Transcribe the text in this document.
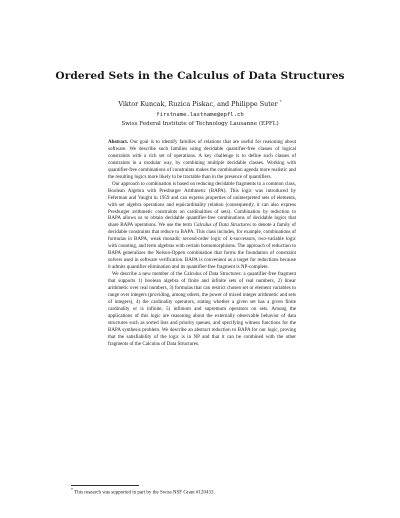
Ordered Sets in the Calculus of Data Structures
Viktor Kuncak, Ruzica Piskac, and Philippe Suter *
firstname.lastname@epfl.ch
Swiss Federal Institute of Technology Lausanne (EPFL)

Abstract. Our goal is to identify families of relations that are useful for reasoning about software. We describe such families using decidable quantifier-free classes of logical constraints with a rich set of operations. A key challenge is to define such classes of constraints in a modular way, by combining multiple decidable classes. Working with quantifier-free combinations of constraints makes the combination agenda more realistic and the resulting logics more likely to be tractable than in the presence of quantifiers.

Our approach to combination is based on reducing decidable fragments to a common class, Boolean Algebra with Presburger Arithmetic (BAPA). This logic was introduced by Feferman and Vaught in 1959 and can express properties of uninterpreted sets of elements, with set algebra operations and equicardinality relation (consequently, it can also express Presburger arithmetic constraints on cardinalities of sets). Combination by reduction to BAPA allows us to obtain decidable quantifier-free combinations of decidable logics that share BAPA operations. We use the term Calculus of Data Structures to denote a family of decidable constraints that reduce to BAPA. This class includes, for example, combinations of formulas in BAPA, weak monadic second-order logic of k-successors, two-variable logic with counting, and term algebras with certain homomorphisms. The approach of reduction to BAPA generalizes the Nelson-Oppen combination that forms the foundation of constraint solvers used in software verification. BAPA is convenient as a target for reductions because it admits quantifier elimination and its quantifier-free fragment is NP-complete.

We describe a new member of the Calculus of Data Structures: a quantifier-free fragment that supports 1) boolean algebra of finite and infinite sets of real numbers, 2) linear arithmetic over real numbers, 3) formulas that can restrict chosen set or element variables to range over integers (providing, among others, the power of mixed integer arithmetic and sets of integers), 4) the cardinality operators, stating whether a given set has a given finite cardinality or is infinite, 5) infimum and supremum operators on sets. Among the applications of this logic are reasoning about the externally observable behavior of data structures such as sorted lists and priority queues, and specifying witness functions for the BAPA synthesis problem. We describe an abstract reduction to BAPA for our logic, proving that the satisfiability of the logic is in NP and that it can be combined with the other fragments of the Calculus of Data Structures.

* This research was supported in part by the Swiss NSF Grant #120433.
